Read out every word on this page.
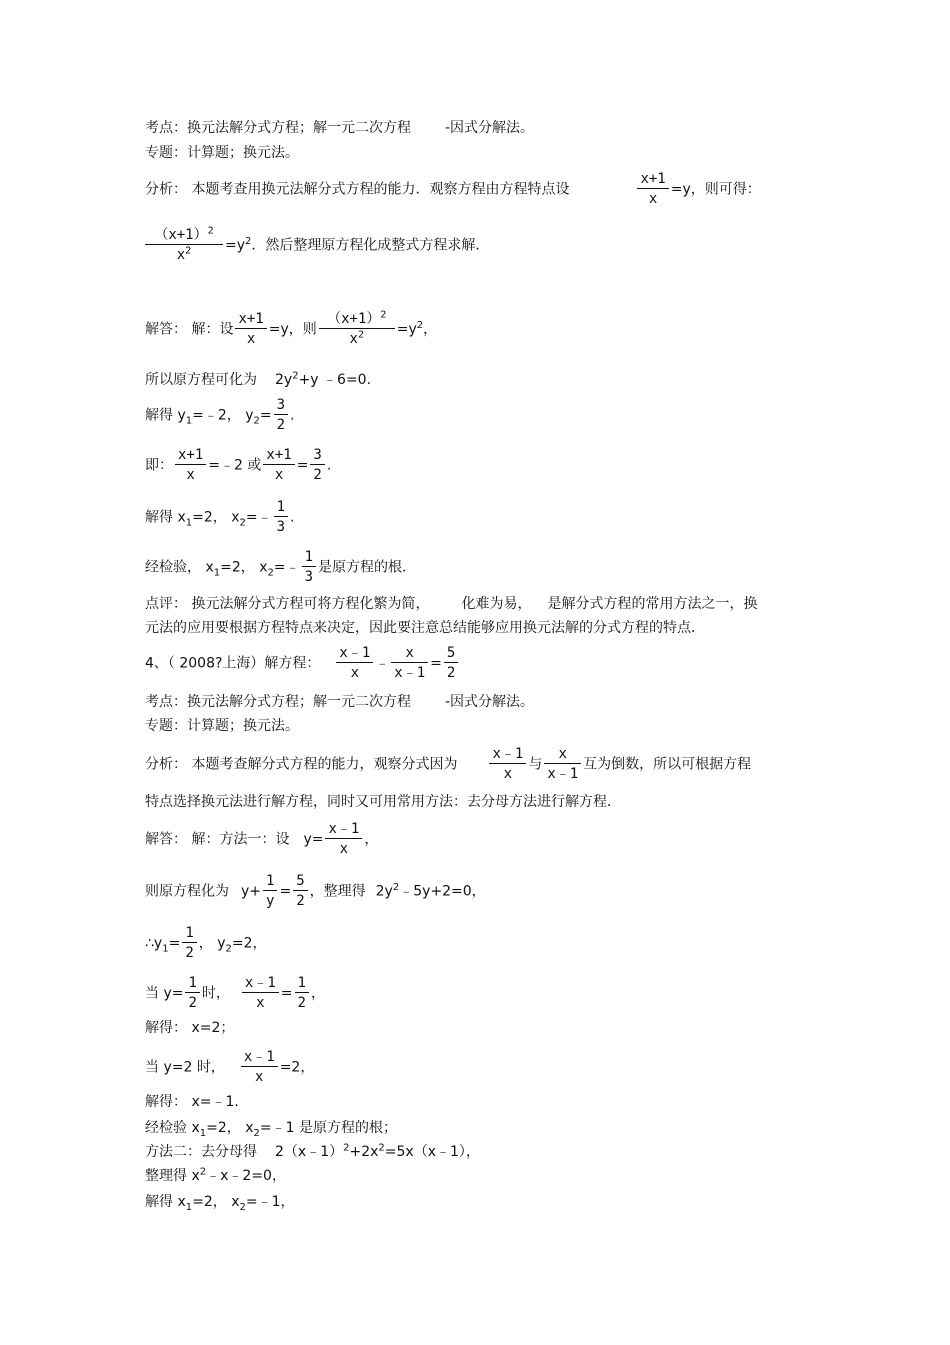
考点：换元法解分式方程；解一元二次方程 -因式分解法。
专题：计算题；换元法。
分析： 本题考查用换元法解分式方程的能力．观察方程由方程特点设	$\frac{x+1}{x} =y$，则可得：
$\frac{(x+1)^2}{x^2} =y^2$．然后整理原方程化成整式方程求解．
解答： 解：设 $\frac{x+1}{x} =y$，则 $\frac{(x+1)^2}{x^2} =y^2$，
所以原方程可化为 $2y^2+y$ ﹣6=0.
解得 $y_1=﹣2$， $y_2= \frac{3}{2}$ .
即： $\frac{x+1}{x}$ =﹣2 或 $\frac{x+1}{x} = \frac{3}{2}$ .
解得 $x_1=2$， $x_2=﹣ \frac{1}{3}$ .
经检验， $x_1=2$， $x_2=﹣ \frac{1}{3}$ 是原方程的根．
点评： 换元法解分式方程可将方程化繁为简， 化难为易， 是解分式方程的常用方法之一，换
元法的应用要根据方程特点来决定，因此要注意总结能够应用换元法解的分式方程的特点．
4、（ 2008?上海）解方程： $\frac{x﹣1}{x}$ ﹣ $\frac{x}{x﹣1} = \frac{5}{2}$
考点：换元法解分式方程；解一元二次方程 -因式分解法。
专题：计算题；换元法。
分析： 本题考查解分式方程的能力，观察分式因为 $\frac{x﹣1}{x}$ 与 $\frac{x}{x﹣1}$ 互为倒数，所以可根据方程
特点选择换元法进行解方程，同时又可用常用方法：去分母方法进行解方程．
解答： 解：方法一：设 $y= \frac{x﹣1}{x}$ ，
则原方程化为 $y+ \frac{1}{y} = \frac{5}{2}$ ，整理得 $2y^2﹣5y+2=0$，
$\therefore y_1= \frac{1}{2}$ ， $y_2=2$，
当 $y= \frac{1}{2}$ 时， $\frac{x﹣1}{x} = \frac{1}{2}$ ，
解得： x=2；
当 y=2 时， $\frac{x﹣1}{x} =2$，
解得： x=﹣1．
经检验 $x_1=2$， $x_2=﹣1$ 是原方程的根；
方法二：去分母得 $2(x﹣1)^2+2x^2=5x(x﹣1)$，
整理得 $x^2﹣x﹣2=0$，
解得 $x_1=2$， $x_2=﹣1$，
